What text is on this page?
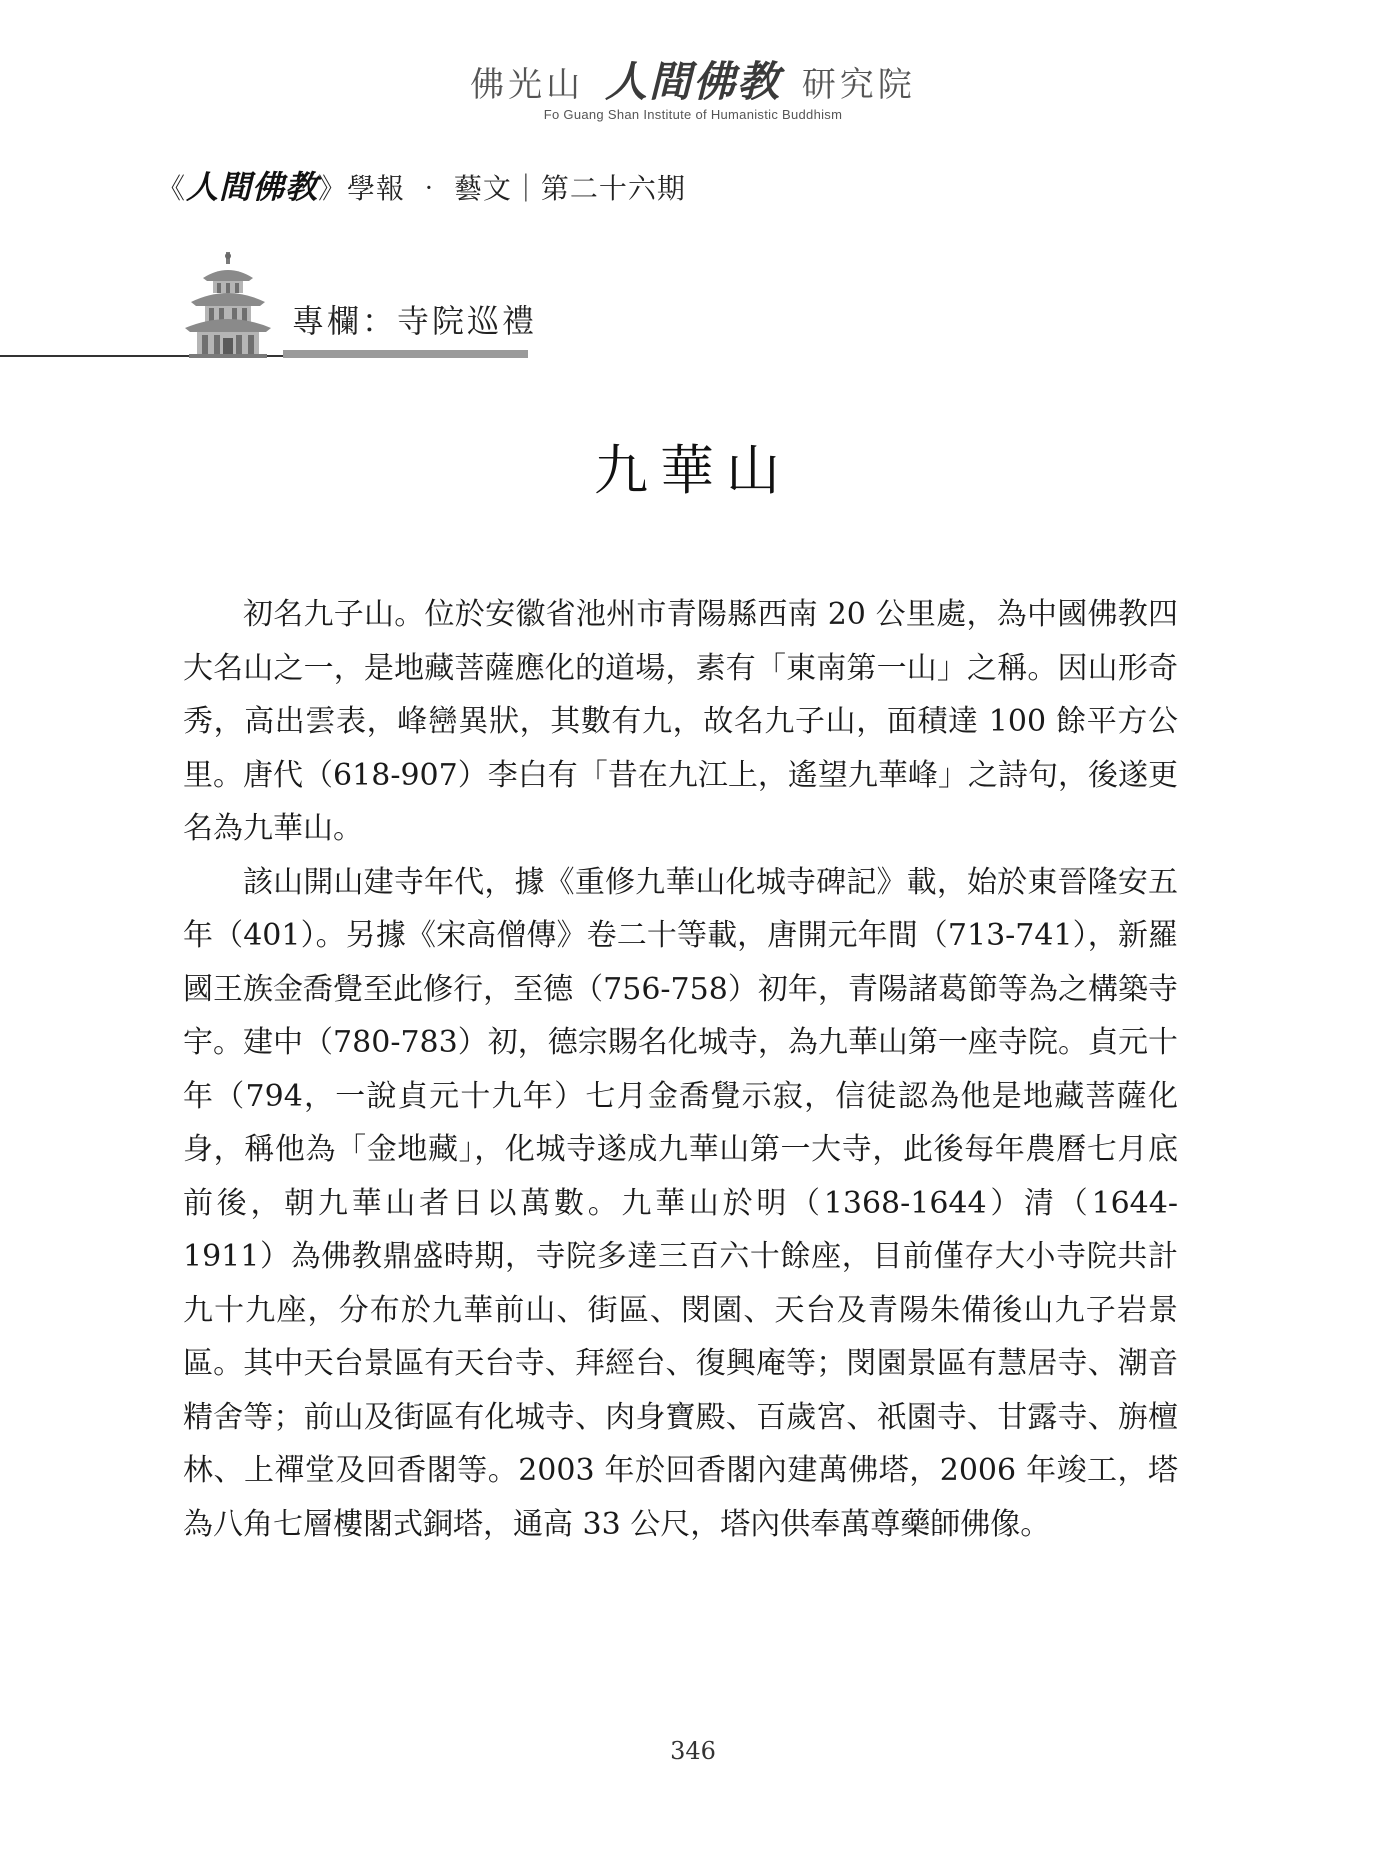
佛光山 人間佛教 研究院
Fo Guang Shan Institute of Humanistic Buddhism
《人間佛教》學報 ‧ 藝文｜第二十六期
專欄：寺院巡禮
九華山

初名九子山。位於安徽省池州市青陽縣西南 20 公里處，為中國佛教四大名山之一，是地藏菩薩應化的道場，素有「東南第一山」之稱。因山形奇秀，高出雲表，峰巒異狀，其數有九，故名九子山，面積達 100 餘平方公里。唐代（618-907）李白有「昔在九江上，遙望九華峰」之詩句，後遂更名為九華山。

該山開山建寺年代，據《重修九華山化城寺碑記》載，始於東晉隆安五年（401）。另據《宋高僧傳》卷二十等載，唐開元年間（713-741），新羅國王族金喬覺至此修行，至德（756-758）初年，青陽諸葛節等為之構築寺宇。建中（780-783）初，德宗賜名化城寺，為九華山第一座寺院。貞元十年（794，一說貞元十九年）七月金喬覺示寂，信徒認為他是地藏菩薩化身，稱他為「金地藏」，化城寺遂成九華山第一大寺，此後每年農曆七月底前後，朝九華山者日以萬數。九華山於明（1368-1644）清（1644-1911）為佛教鼎盛時期，寺院多達三百六十餘座，目前僅存大小寺院共計九十九座，分布於九華前山、街區、閔園、天台及青陽朱備後山九子岩景區。其中天台景區有天台寺、拜經台、復興庵等；閔園景區有慧居寺、潮音精舍等；前山及街區有化城寺、肉身寶殿、百歲宮、祇園寺、甘露寺、旃檀林、上禪堂及回香閣等。2003 年於回香閣內建萬佛塔，2006 年竣工，塔為八角七層樓閣式銅塔，通高 33 公尺，塔內供奉萬尊藥師佛像。

346
